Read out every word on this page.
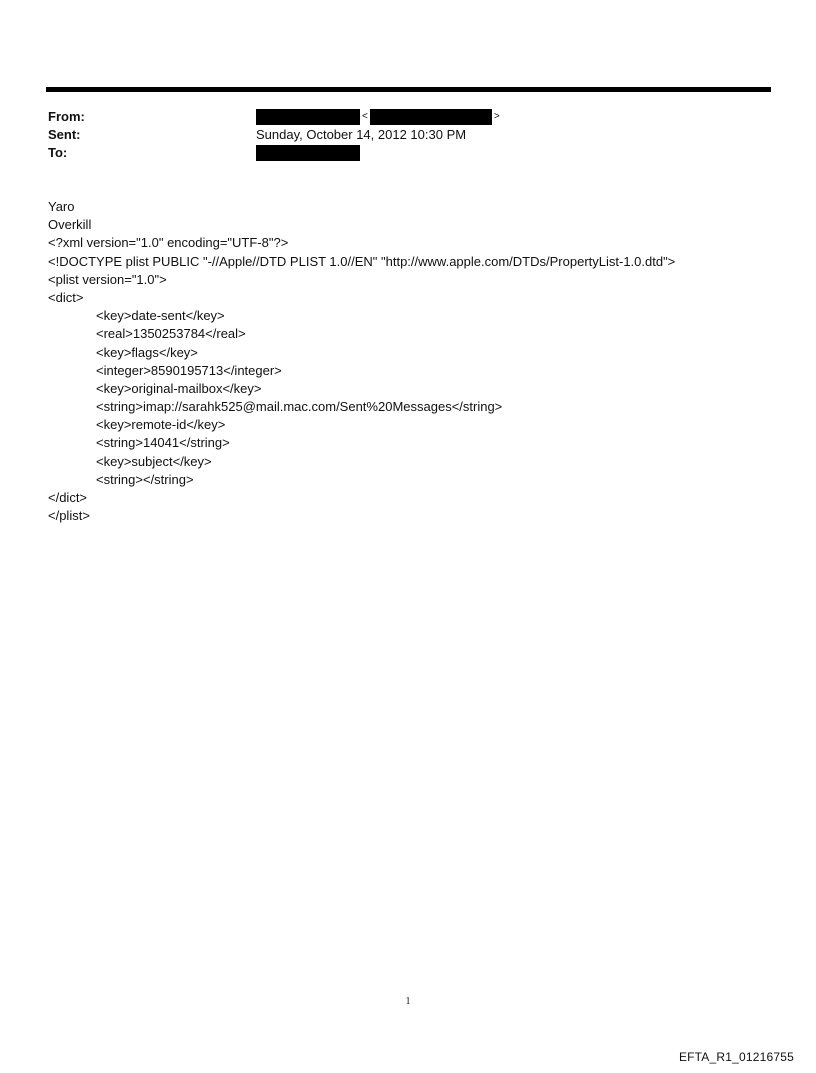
From:	<	>
Sent:	Sunday, October 14, 2012 10:30 PM
To:
Yaro
Overkill
<?xml version="1.0" encoding="UTF-8"?>
<!DOCTYPE plist PUBLIC "-//Apple//DTD PLIST 1.0//EN" "http://www.apple.com/DTDs/PropertyList-1.0.dtd">
<plist version="1.0">
<dict>
<key>date-sent</key>
<real>1350253784</real>
<key>flags</key>
<integer>8590195713</integer>
<key>original-mailbox</key>
<string>imap://sarahk525@mail.mac.com/Sent%20Messages</string>
<key>remote-id</key>
<string>14041</string>
<key>subject</key>
<string></string>
</dict>
</plist>
1
EFTA_R1_01216755
